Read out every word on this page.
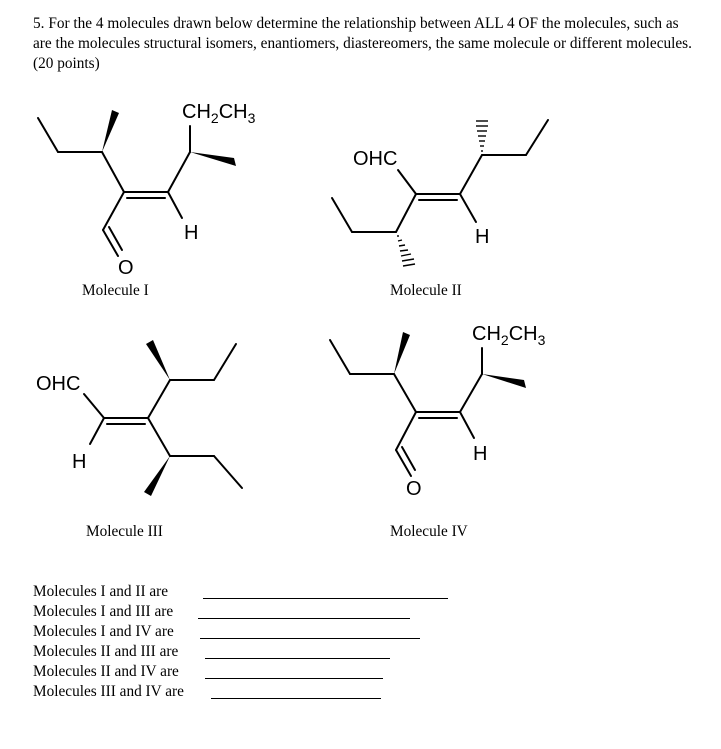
5. For the 4 molecules drawn below determine the relationship between ALL 4 OF the molecules, such as are the molecules structural isomers, enantiomers, diastereomers, the same molecule or different molecules. (20 points)

$CH_2CH_3$
H
O
Molecule I
OHC
H
Molecule II
OHC
H
Molecule III
$CH_2CH_3$
H
O
Molecule IV
Molecules I and II are
Molecules I and III are
Molecules I and IV are
Molecules II and III are
Molecules II and IV are
Molecules III and IV are
